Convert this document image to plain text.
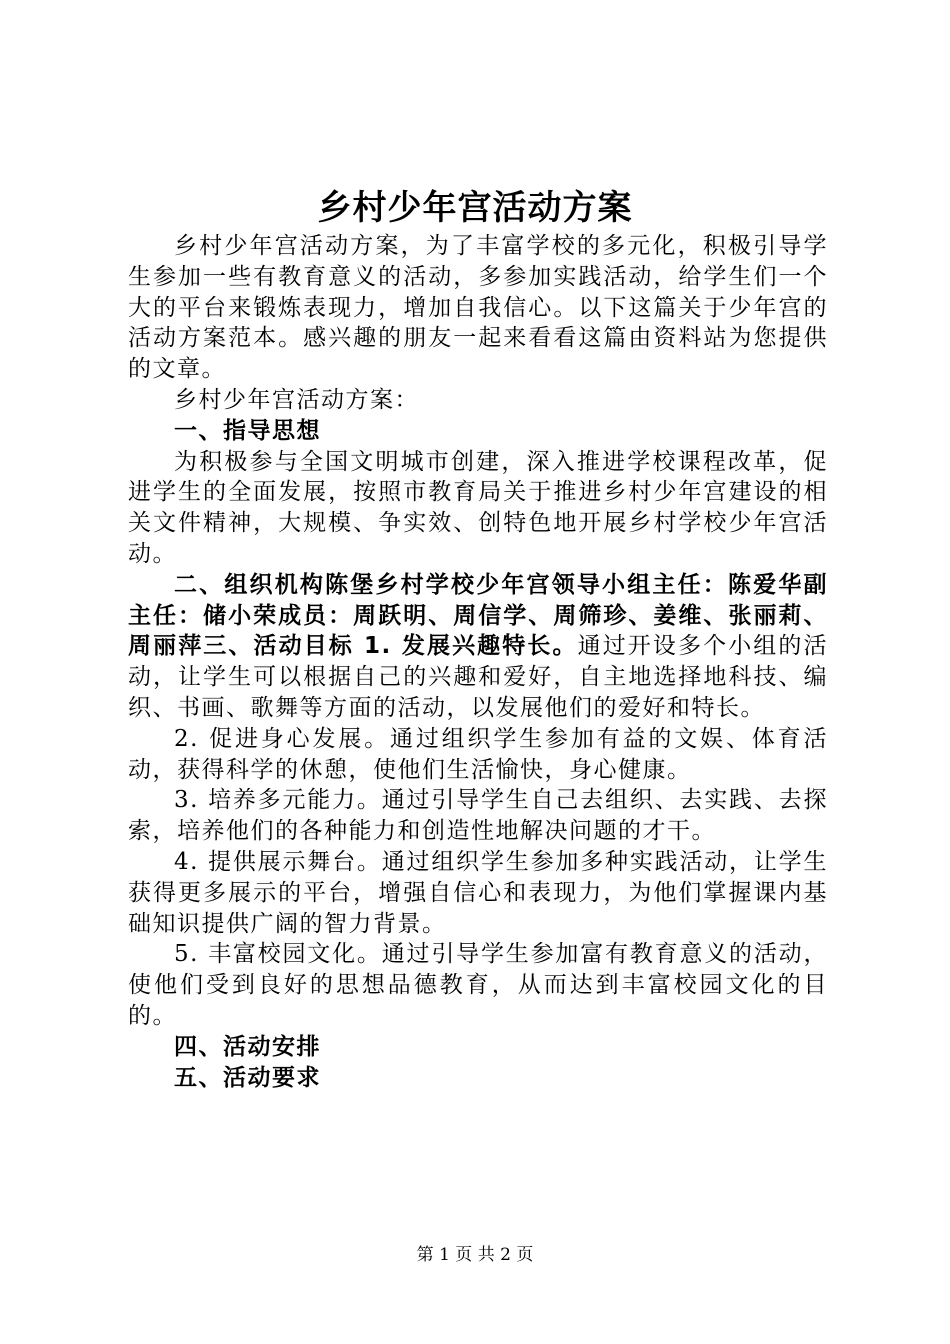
乡村少年宫活动方案

乡村少年宫活动方案，为了丰富学校的多元化，积极引导学生参加一些有教育意义的活动，多参加实践活动，给学生们一个大的平台来锻炼表现力，增加自我信心。以下这篇关于少年宫的活动方案范本。感兴趣的朋友一起来看看这篇由资料站为您提供的文章。

乡村少年宫活动方案：

一、指导思想

为积极参与全国文明城市创建，深入推进学校课程改革，促进学生的全面发展，按照市教育局关于推进乡村少年宫建设的相关文件精神，大规模、争实效、创特色地开展乡村学校少年宫活动。

二、组织机构陈堡乡村学校少年宫领导小组主任：陈爱华副主任：储小荣成员：周跃明、周信学、周筛珍、姜维、张丽莉、周丽萍三、活动目标 1. 发展兴趣特长。通过开设多个小组的活动，让学生可以根据自己的兴趣和爱好，自主地选择地科技、编织、书画、歌舞等方面的活动，以发展他们的爱好和特长。

2. 促进身心发展。通过组织学生参加有益的文娱、体育活动，获得科学的休憩，使他们生活愉快，身心健康。

3. 培养多元能力。通过引导学生自己去组织、去实践、去探索，培养他们的各种能力和创造性地解决问题的才干。

4. 提供展示舞台。通过组织学生参加多种实践活动，让学生获得更多展示的平台，增强自信心和表现力，为他们掌握课内基础知识提供广阔的智力背景。

5. 丰富校园文化。通过引导学生参加富有教育意义的活动，使他们受到良好的思想品德教育，从而达到丰富校园文化的目的。

四、活动安排

五、活动要求

第 1 页 共 2 页
